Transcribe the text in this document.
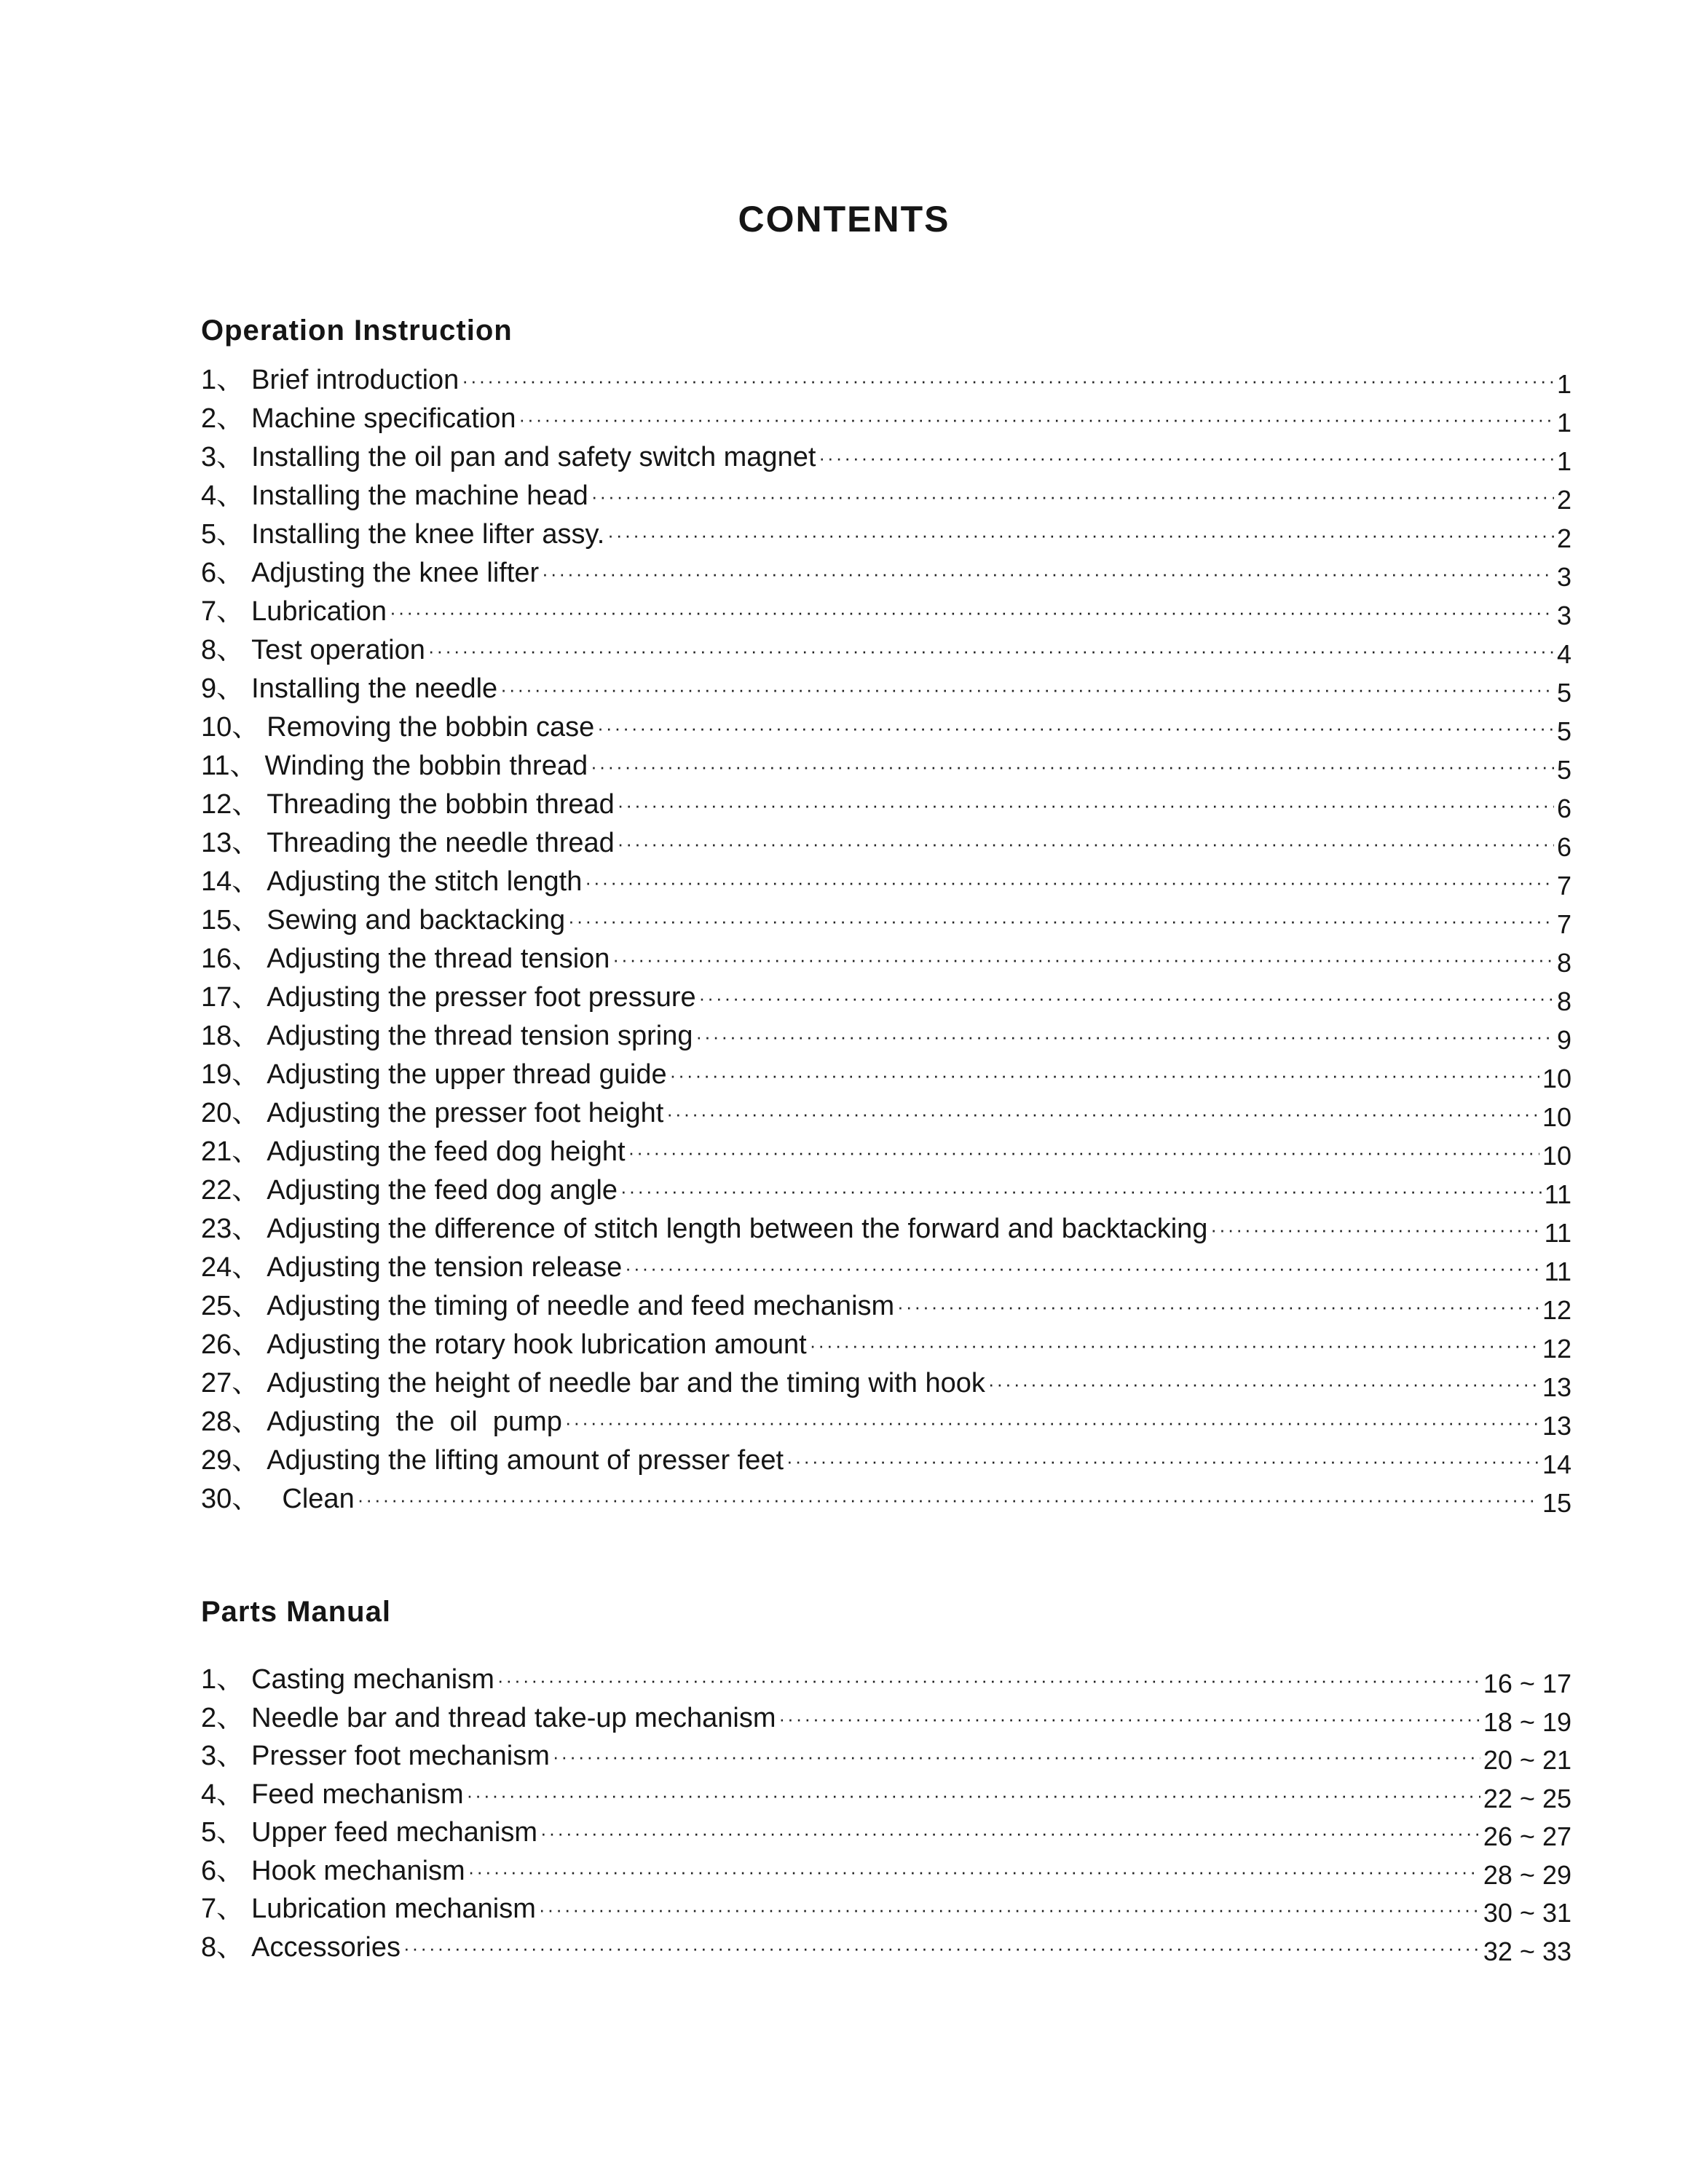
CONTENTS
Operation Instruction
1 、 Brief introduction ·····	1
2 、 Machine specification ·····	1
3 、 Installing the oil pan and safety switch magnet ·····	1
4 、 Installing the machine head ·····	2
5 、 Installing the knee lifter assy. ·····	2
6 、 Adjusting the knee lifter ·····	3
7 、 Lubrication ·····	3
8 、 Test operation ·····	4
9 、 Installing the needle ·····	5
10 、 Removing the bobbin case ·····	5
11 、 Winding the bobbin thread ·····	5
12 、 Threading the bobbin thread ·····	6
13 、 Threading the needle thread ·····	6
14 、 Adjusting the stitch length ·····	7
15 、 Sewing and backtacking ·····	7
16 、 Adjusting the thread tension ·····	8
17 、 Adjusting the presser foot pressure ·····	8
18 、 Adjusting the thread tension spring ·····	9
19 、 Adjusting the upper thread guide ·····	10
20 、 Adjusting the presser foot height ·····	10
21 、 Adjusting the feed dog height ·····	10
22 、 Adjusting the feed dog angle ·····	11
23 、 Adjusting the difference of stitch length between the forward and backtacking ·····	11
24 、 Adjusting the tension release ·····	11
25 、 Adjusting the timing of needle and feed mechanism ·····	12
26 、 Adjusting the rotary hook lubrication amount ·····	12
27 、 Adjusting the height of needle bar and the timing with hook ·····	13
28 、 Adjusting  the  oil  pump ·····	13
29 、 Adjusting the lifting amount of presser feet ·····	14
30 、 Clean ·····	15
Parts Manual
1 、 Casting mechanism ·····	16 ~ 17
2 、 Needle bar and thread take-up mechanism ·····	18 ~ 19
3 、 Presser foot mechanism ·····	20 ~ 21
4 、 Feed mechanism ·····	22 ~ 25
5 、 Upper feed mechanism ·····	26 ~ 27
6 、 Hook mechanism ·····	28 ~ 29
7 、 Lubrication mechanism ·····	30 ~ 31
8 、 Accessories ·····	32 ~ 33
